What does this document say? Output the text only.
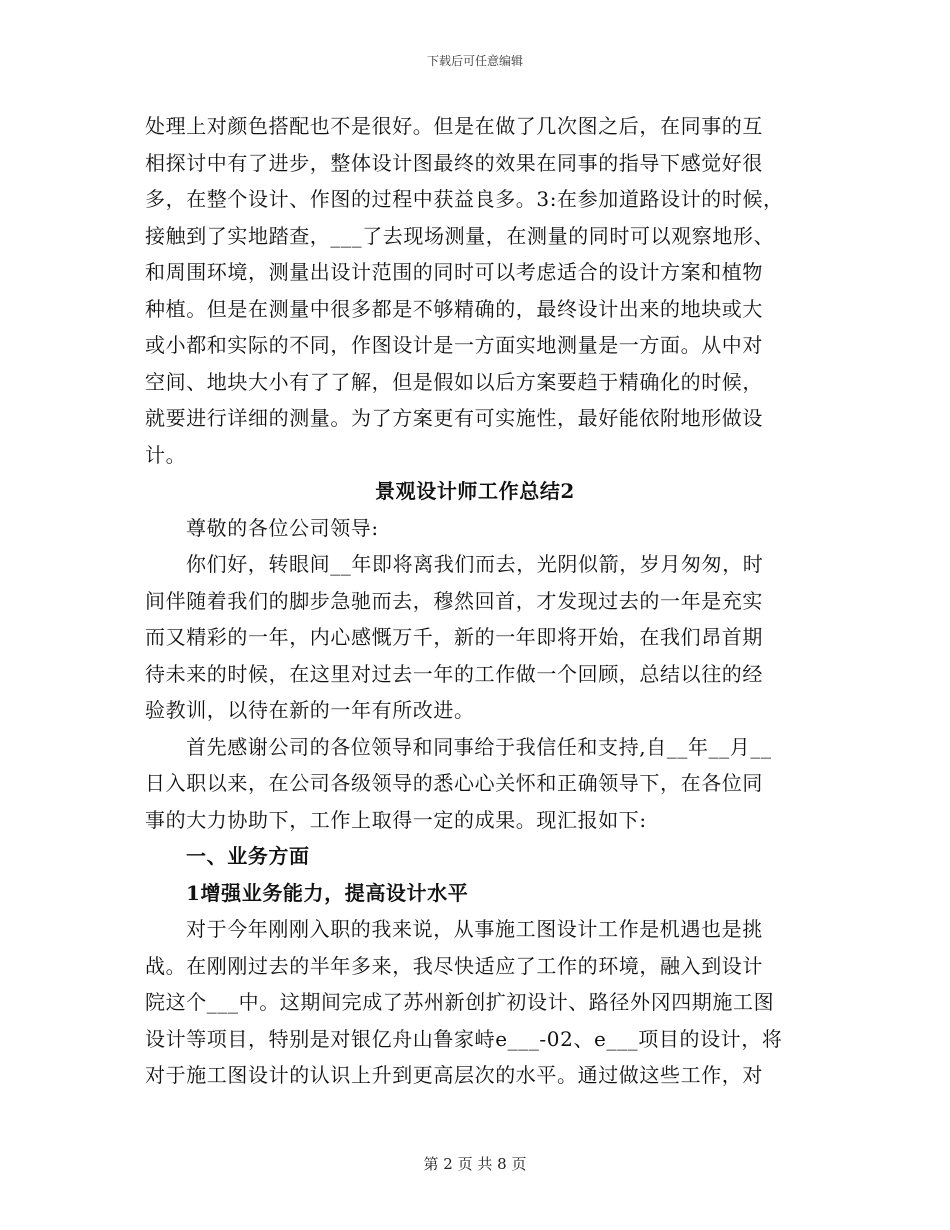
下载后可任意编辑
处理上对颜色搭配也不是很好。但是在做了几次图之后，在同事的互
相探讨中有了进步，整体设计图最终的效果在同事的指导下感觉好很
多，在整个设计、作图的过程中获益良多。3:在参加道路设计的时候，
接触到了实地踏查，___了去现场测量，在测量的同时可以观察地形、
和周围环境，测量出设计范围的同时可以考虑适合的设计方案和植物
种植。但是在测量中很多都是不够精确的，最终设计出来的地块或大
或小都和实际的不同，作图设计是一方面实地测量是一方面。从中对
空间、地块大小有了了解，但是假如以后方案要趋于精确化的时候，
就要进行详细的测量。为了方案更有可实施性，最好能依附地形做设
计。
景观设计师工作总结2
尊敬的各位公司领导:
你们好，转眼间__年即将离我们而去，光阴似箭，岁月匆匆，时
间伴随着我们的脚步急驰而去，穆然回首，才发现过去的一年是充实
而又精彩的一年，内心感慨万千，新的一年即将开始，在我们昂首期
待未来的时候，在这里对过去一年的工作做一个回顾，总结以往的经
验教训，以待在新的一年有所改进。
首先感谢公司的各位领导和同事给于我信任和支持,自__年__月__
日入职以来，在公司各级领导的悉心心关怀和正确领导下，在各位同
事的大力协助下，工作上取得一定的成果。现汇报如下:
一、业务方面
1增强业务能力，提高设计水平
对于今年刚刚入职的我来说，从事施工图设计工作是机遇也是挑
战。在刚刚过去的半年多来，我尽快适应了工作的环境，融入到设计
院这个___中。这期间完成了苏州新创扩初设计、路径外冈四期施工图
设计等项目，特别是对银亿舟山鲁家峙e___-02、e___项目的设计，将
对于施工图设计的认识上升到更高层次的水平。通过做这些工作，对
第 2 页 共 8 页
